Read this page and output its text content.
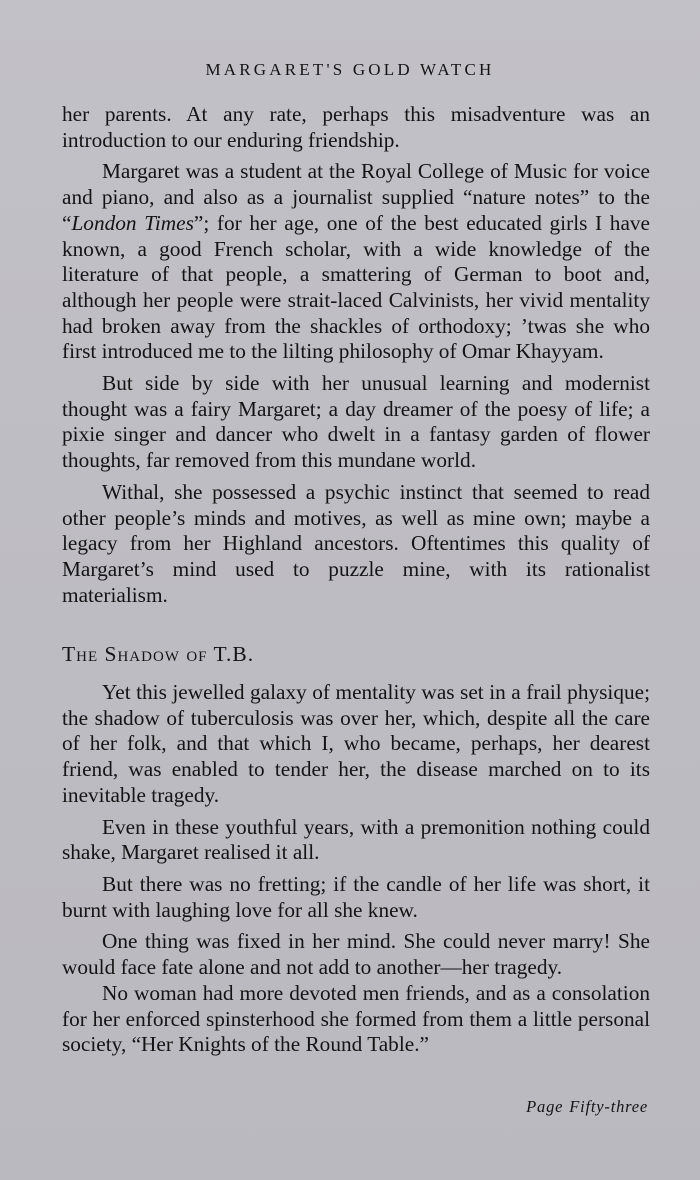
MARGARET'S GOLD WATCH

her parents. At any rate, perhaps this misadventure was an introduction to our enduring friendship.

Margaret was a student at the Royal College of Music for voice and piano, and also as a journalist supplied “nature notes” to the “London Times”; for her age, one of the best educated girls I have known, a good French scholar, with a wide knowledge of the literature of that people, a smattering of German to boot and, although her people were strait-laced Calvinists, her vivid mentality had broken away from the shackles of orthodoxy; ’twas she who first introduced me to the lilting philosophy of Omar Khayyam.

But side by side with her unusual learning and modernist thought was a fairy Margaret; a day dreamer of the poesy of life; a pixie singer and dancer who dwelt in a fantasy garden of flower thoughts, far removed from this mundane world.

Withal, she possessed a psychic instinct that seemed to read other people’s minds and motives, as well as mine own; maybe a legacy from her Highland ancestors. Oftentimes this quality of Margaret’s mind used to puzzle mine, with its rationalist materialism.

The Shadow of T.B.

Yet this jewelled galaxy of mentality was set in a frail physique; the shadow of tuberculosis was over her, which, despite all the care of her folk, and that which I, who became, perhaps, her dearest friend, was enabled to tender her, the disease marched on to its inevitable tragedy.

Even in these youthful years, with a premonition nothing could shake, Margaret realised it all.

But there was no fretting; if the candle of her life was short, it burnt with laughing love for all she knew.

One thing was fixed in her mind. She could never marry! She would face fate alone and not add to another—her tragedy.

No woman had more devoted men friends, and as a consolation for her enforced spinsterhood she formed from them a little personal society, “Her Knights of the Round Table.”

Page Fifty-three
